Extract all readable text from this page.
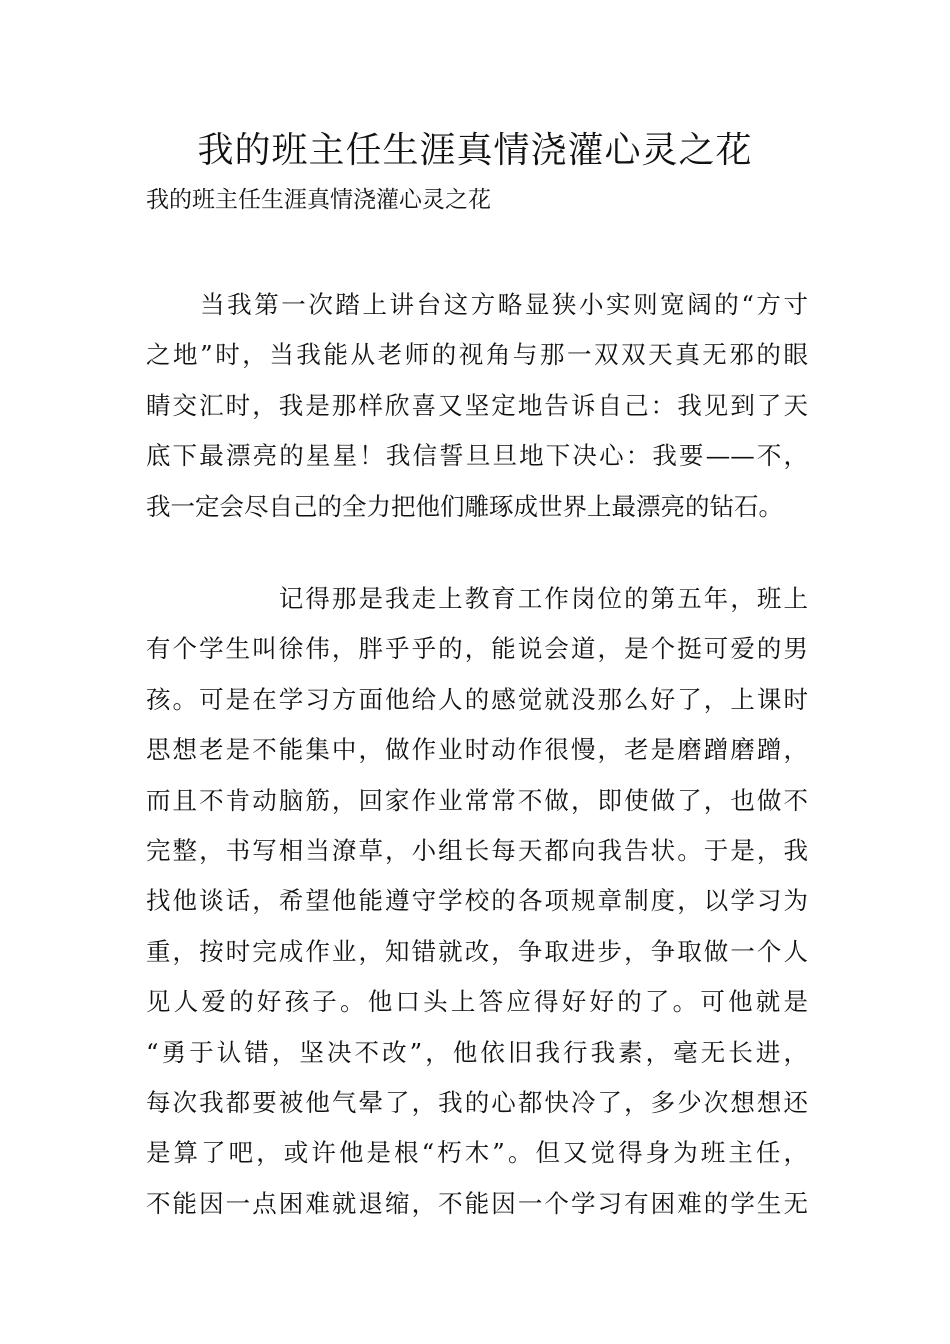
我的班主任生涯真情浇灌心灵之花

我的班主任生涯真情浇灌心灵之花

　　当我第一次踏上讲台这方略显狭小实则宽阔的“方寸
之地”时，当我能从老师的视角与那一双双天真无邪的眼
睛交汇时，我是那样欣喜又坚定地告诉自己：我见到了天
底下最漂亮的星星！我信誓旦旦地下决心：我要——不，
我一定会尽自己的全力把他们雕琢成世界上最漂亮的钻石。
　　　　　记得那是我走上教育工作岗位的第五年，班上
有个学生叫徐伟，胖乎乎的，能说会道，是个挺可爱的男
孩。可是在学习方面他给人的感觉就没那么好了，上课时
思想老是不能集中，做作业时动作很慢，老是磨蹭磨蹭，
而且不肯动脑筋，回家作业常常不做，即使做了，也做不
完整，书写相当潦草，小组长每天都向我告状。于是，我
找他谈话，希望他能遵守学校的各项规章制度，以学习为
重，按时完成作业，知错就改，争取进步，争取做一个人
见人爱的好孩子。他口头上答应得好好的了。可他就是
“勇于认错，坚决不改”，他依旧我行我素，毫无长进，
每次我都要被他气晕了，我的心都快冷了，多少次想想还
是算了吧，或许他是根“朽木”。但又觉得身为班主任，
不能因一点困难就退缩，不能因一个学习有困难的学生无
